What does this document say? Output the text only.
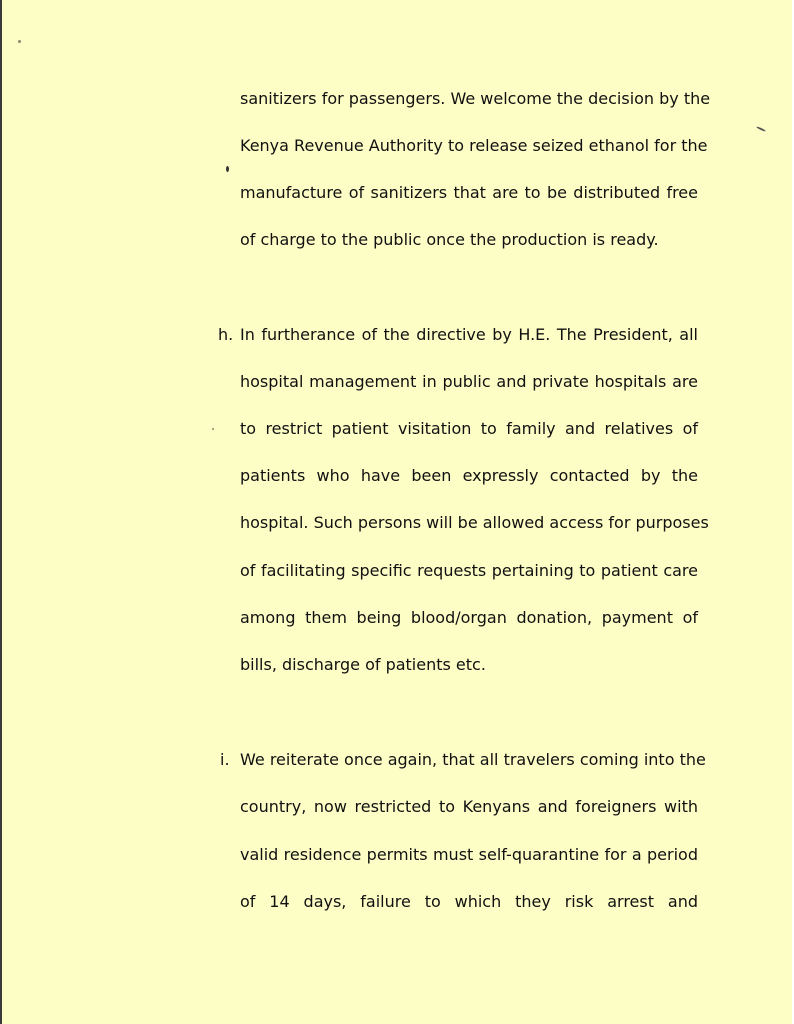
sanitizers for passengers. We welcome the decision by the
Kenya Revenue Authority to release seized ethanol for the
manufacture of sanitizers that are to be distributed free
of charge to the public once the production is ready.
h. In furtherance of the directive by H.E. The President, all
hospital management in public and private hospitals are
to restrict patient visitation to family and relatives of
patients who have been expressly contacted by the
hospital. Such persons will be allowed access for purposes
of facilitating specific requests pertaining to patient care
among them being blood/organ donation, payment of
bills, discharge of patients etc.
i. We reiterate once again, that all travelers coming into the
country, now restricted to Kenyans and foreigners with
valid residence permits must self-quarantine for a period
of 14 days, failure to which they risk arrest and
